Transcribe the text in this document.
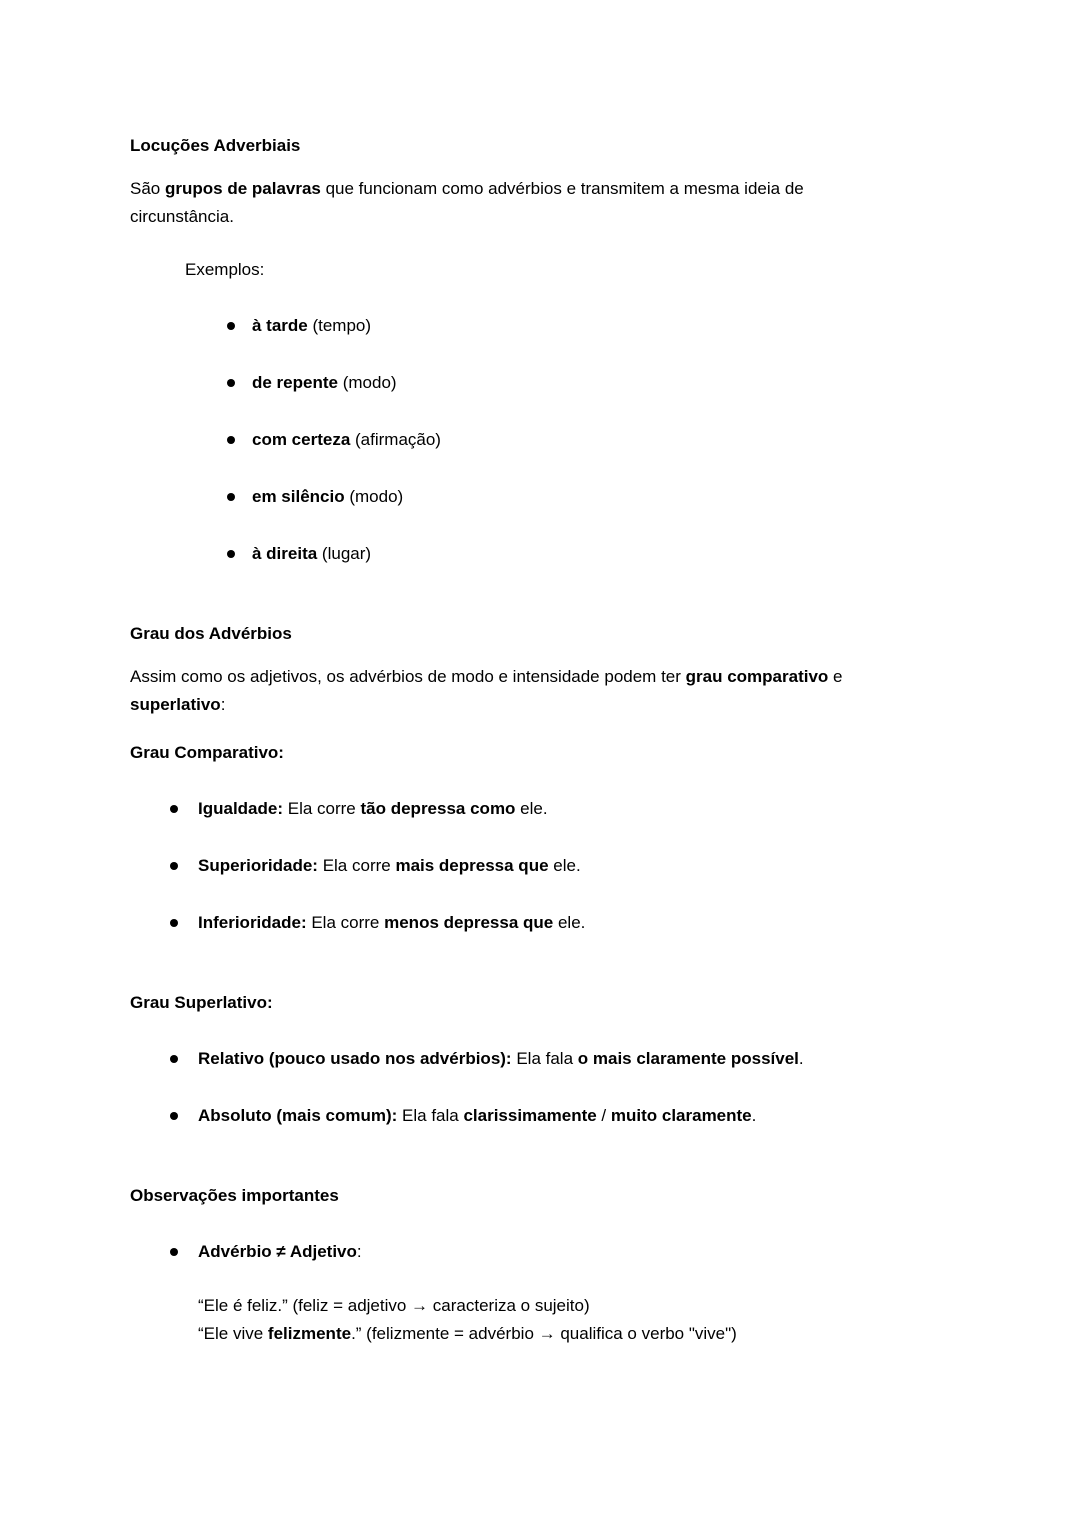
Locuções Adverbiais

São grupos de palavras que funcionam como advérbios e transmitem a mesma ideia de circunstância.

Exemplos:

à tarde (tempo)
de repente (modo)
com certeza (afirmação)
em silêncio (modo)
à direita (lugar)
Grau dos Advérbios

Assim como os adjetivos, os advérbios de modo e intensidade podem ter grau comparativo e superlativo:

Grau Comparativo:
Igualdade: Ela corre tão depressa como ele.
Superioridade: Ela corre mais depressa que ele.
Inferioridade: Ela corre menos depressa que ele.
Grau Superlativo:
Relativo (pouco usado nos advérbios): Ela fala o mais claramente possível.
Absoluto (mais comum): Ela fala clarissimamente / muito claramente.
Observações importantes
Advérbio ≠ Adjetivo:

“Ele é feliz.” (feliz = adjetivo → caracteriza o sujeito)

“Ele vive felizmente.” (felizmente = advérbio → qualifica o verbo "vive")
